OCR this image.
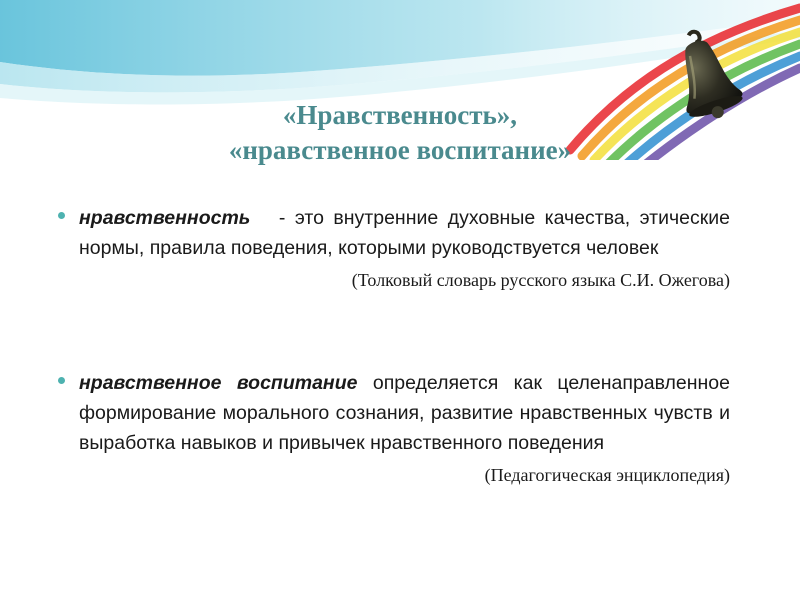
«Нравственность»,
«нравственное воспитание»
нравственность - это внутренние духовные качества, этические нормы, правила поведения, которыми руководствуется человек
(Толковый словарь русского языка С.И. Ожегова)
нравственное воспитание определяется как целенаправленное формирование морального сознания, развитие нравственных чувств и выработка навыков и привычек нравственного поведения
(Педагогическая энциклопедия)
